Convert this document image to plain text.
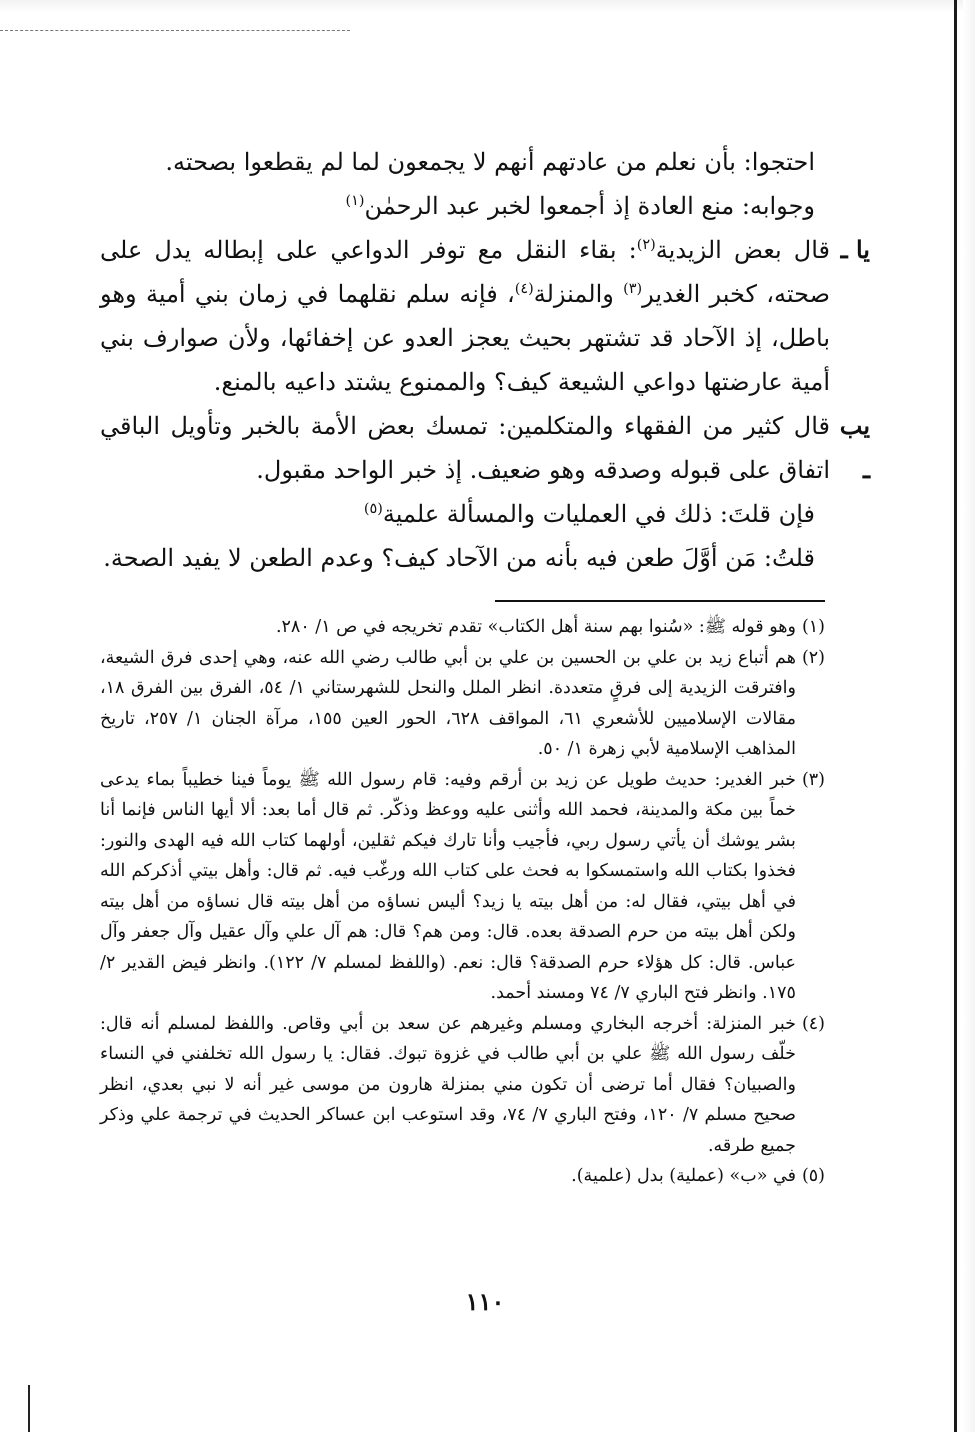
احتجوا: بأن نعلم من عادتهم أنهم لا يجمعون لما لم يقطعوا بصحته.

وجوابه: منع العادة إذ أجمعوا لخبر عبد الرحمٰن$^{(١)}$

يا ـ
قال بعض الزيدية$^{(٢)}$: بقاء النقل مع توفر الدواعي على إبطاله يدل على صحته، كخبر الغدير$^{(٣)}$ والمنزلة$^{(٤)}$، فإنه سلم نقلهما في زمان بني أمية وهو باطل، إذ الآحاد قد تشتهر بحيث يعجز العدو عن إخفائها، ولأن صوارف بني أمية عارضتها دواعي الشيعة كيف؟ والممنوع يشتد داعيه بالمنع.
يب ـ
قال كثير من الفقهاء والمتكلمين: تمسك بعض الأمة بالخبر وتأويل الباقي اتفاق على قبوله وصدقه وهو ضعيف. إذ خبر الواحد مقبول.

فإن قلتَ: ذلك في العمليات والمسألة علمية$^{(٥)}$

قلتُ: مَن أوَّلَ طعن فيه بأنه من الآحاد كيف؟ وعدم الطعن لا يفيد الصحة.

(١)
وهو قوله ﷺ: «سُنوا بهم سنة أهل الكتاب» تقدم تخريجه في ص ١/ ٢٨٠.
(٢)
هم أتباع زيد بن علي بن الحسين بن علي بن أبي طالب رضي الله عنه، وهي إحدى فرق الشيعة، وافترقت الزيدية إلى فرقٍ متعددة. انظر الملل والنحل للشهرستاني ١/ ٥٤، الفرق بين الفرق ١٨، مقالات الإسلاميين للأشعري ٦١، المواقف ٦٢٨، الحور العين ١٥٥، مرآة الجنان ١/ ٢٥٧، تاريخ المذاهب الإسلامية لأبي زهرة ١/ ٥٠.
(٣)
خبر الغدير: حديث طويل عن زيد بن أرقم وفيه: قام رسول الله ﷺ يوماً فينا خطيباً بماء يدعى خماً بين مكة والمدينة، فحمد الله وأثنى عليه ووعظ وذكّر. ثم قال أما بعد: ألا أيها الناس فإنما أنا بشر يوشك أن يأتي رسول ربي، فأجيب وأنا تارك فيكم ثقلين، أولهما كتاب الله فيه الهدى والنور: فخذوا بكتاب الله واستمسكوا به فحث على كتاب الله ورغّب فيه. ثم قال: وأهل بيتي أذكركم الله في أهل بيتي، فقال له: من أهل بيته يا زيد؟ أليس نساؤه من أهل بيته قال نساؤه من أهل بيته ولكن أهل بيته من حرم الصدقة بعده. قال: ومن هم؟ قال: هم آل علي وآل عقيل وآل جعفر وآل عباس. قال: كل هؤلاء حرم الصدقة؟ قال: نعم. (واللفظ لمسلم ٧/ ١٢٢). وانظر فيض القدير ٢/ ١٧٥. وانظر فتح الباري ٧/ ٧٤ ومسند أحمد.
(٤)
خبر المنزلة: أخرجه البخاري ومسلم وغيرهم عن سعد بن أبي وقاص. واللفظ لمسلم أنه قال: خلّف رسول الله ﷺ علي بن أبي طالب في غزوة تبوك. فقال: يا رسول الله تخلفني في النساء والصبيان؟ فقال أما ترضى أن تكون مني بمنزلة هارون من موسى غير أنه لا نبي بعدي، انظر صحيح مسلم ٧/ ١٢٠، وفتح الباري ٧/ ٧٤، وقد استوعب ابن عساكر الحديث في ترجمة علي وذكر جميع طرقه.
(٥)
في «ب» (عملية) بدل (علمية).
١١٠
